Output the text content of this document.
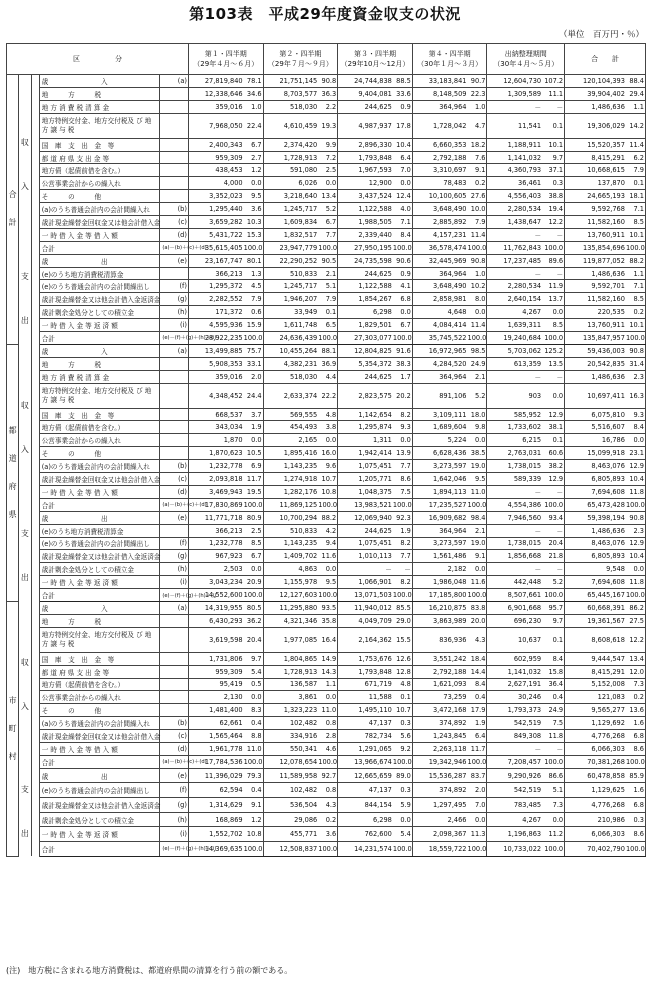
第103表　平成29年度資金収支の状況
（単位　百万円・％）
区　　　　　分					第１・四半期
（29年４月～６月）		第２・四半期
（29年７月～９月）		第３・四半期
（29年10月～12月）		第４・四半期
（30年１月～３月）		出納整理期間
（30年４月～５月）		合　　計	

合計	収入		歳　　　　　　　　入	(a)	27,819,840	78.1	21,751,145	90.8	24,744,838	88.5	33,183,841	90.7	12,604,730	107.2	120,104,393	88.4
			地　　　方　　　税		12,338,646	34.6	8,703,577	36.3	9,404,081	33.6	8,148,509	22.3	1,309,589	11.1	39,904,402	29.4
			地 方 消 費 税 清 算 金		359,016	1.0	518,030	2.2	244,625	0.9	364,964	1.0	－	－	1,486,636	1.1
			地方特例交付金、地方交付税及 び 地 方 譲 与 税		7,968,050	22.4	4,610,459	19.3	4,987,937	17.8	1,728,042	4.7	11,541	0.1	19,306,029	14.2
			国　庫　支　出　金　等		2,400,343	6.7	2,374,420	9.9	2,896,330	10.4	6,660,353	18.2	1,188,911	10.1	15,520,357	11.4
			都 道 府 県 支 出 金 等		959,309	2.7	1,728,913	7.2	1,793,848	6.4	2,792,188	7.6	1,141,032	9.7	8,415,291	6.2
			地方債（起債前借を含む。）		438,453	1.2	591,080	2.5	1,967,593	7.0	3,310,697	9.1	4,360,793	37.1	10,668,615	7.9
			公営事業会計からの繰入れ		4,000	0.0	6,026	0.0	12,900	0.0	78,483	0.2	36,461	0.3	137,870	0.1
			そ　　　の　　　他		3,352,023	9.5	3,218,640	13.4	3,437,524	12.4	10,100,605	27.6	4,556,403	38.8	24,665,193	18.1
			(a)のうち普通会計内の会計間繰入れ	(b)	1,295,440	3.6	1,245,717	5.2	1,122,588	4.0	3,648,490	10.0	2,280,534	19.4	9,592,768	7.1
			歳計現金繰替金回収金又は他会計借入金	(c)	3,659,282	10.3	1,609,834	6.7	1,988,505	7.1	2,885,892	7.9	1,438,647	12.2	11,582,160	8.5
			一 時 借 入 金 等 借 入 額	(d)	5,431,722	15.3	1,832,517	7.7	2,339,440	8.4	4,157,231	11.4	－	－	13,760,911	10.1
			合計	(a)－(b)＋(c)＋(d)	35,615,405	100.0	23,947,779	100.0	27,950,195	100.0	36,578,474	100.0	11,762,843	100.0	135,854,696	100.0

	支出		歳　　　　　　　　出	(e)	23,167,747	80.1	22,290,252	90.5	24,735,598	90.6	32,445,969	90.8	17,237,485	89.6	119,877,052	88.2
			(e)のうち地方消費税清算金		366,213	1.3	510,833	2.1	244,625	0.9	364,964	1.0	－	－	1,486,636	1.1
			(e)のうち普通会計内の会計間繰出し	(f)	1,295,372	4.5	1,245,717	5.1	1,122,588	4.1	3,648,490	10.2	2,280,534	11.9	9,592,701	7.1
			歳計現金繰替金又は他会計借入金返済金	(g)	2,282,552	7.9	1,946,207	7.9	1,854,267	6.8	2,858,981	8.0	2,640,154	13.7	11,582,160	8.5
			歳計剰余金処分としての積立金	(h)	171,372	0.6	33,949	0.1	6,298	0.0	4,648	0.0	4,267	0.0	220,535	0.2
			一 時 借 入 金 等 返 済 額	(i)	4,595,936	15.9	1,611,748	6.5	1,829,501	6.7	4,084,414	11.4	1,639,311	8.5	13,760,911	10.1
			合計	(e)－(f)＋(g)＋(h)＋(i)	28,922,235	100.0	24,636,439	100.0	27,303,077	100.0	35,745,522	100.0	19,240,684	100.0	135,847,957	100.0

都道府県	収入		歳　　　　　　　　入	(a)	13,499,885	75.7	10,455,264	88.1	12,804,825	91.6	16,972,965	98.5	5,703,062	125.2	59,436,003	90.8
			地　　　方　　　税		5,908,353	33.1	4,382,231	36.9	5,354,372	38.3	4,284,520	24.9	613,359	13.5	20,542,835	31.4
			地 方 消 費 税 清 算 金		359,016	2.0	518,030	4.4	244,625	1.7	364,964	2.1	－	－	1,486,636	2.3
			地方特例交付金、地方交付税及 び 地 方 譲 与 税		4,348,452	24.4	2,633,374	22.2	2,823,575	20.2	891,106	5.2	903	0.0	10,697,411	16.3
			国　庫　支　出　金　等		668,537	3.7	569,555	4.8	1,142,654	8.2	3,109,111	18.0	585,952	12.9	6,075,810	9.3
			地方債（起債前借を含む。）		343,034	1.9	454,493	3.8	1,295,874	9.3	1,689,604	9.8	1,733,602	38.1	5,516,607	8.4
			公営事業会計からの繰入れ		1,870	0.0	2,165	0.0	1,311	0.0	5,224	0.0	6,215	0.1	16,786	0.0
			そ　　　の　　　他		1,870,623	10.5	1,895,416	16.0	1,942,414	13.9	6,628,436	38.5	2,763,031	60.6	15,099,918	23.1
			(a)のうち普通会計内の会計間繰入れ	(b)	1,232,778	6.9	1,143,235	9.6	1,075,451	7.7	3,273,597	19.0	1,738,015	38.2	8,463,076	12.9
			歳計現金繰替金回収金又は他会計借入金	(c)	2,093,818	11.7	1,274,918	10.7	1,205,771	8.6	1,642,046	9.5	589,339	12.9	6,805,893	10.4
			一 時 借 入 金 等 借 入 額	(d)	3,469,943	19.5	1,282,176	10.8	1,048,375	7.5	1,894,113	11.0	－	－	7,694,608	11.8
			合計	(a)－(b)＋(c)＋(d)	17,830,869	100.0	11,869,125	100.0	13,983,521	100.0	17,235,527	100.0	4,554,386	100.0	65,473,428	100.0

	支出		歳　　　　　　　　出	(e)	11,771,718	80.9	10,700,294	88.2	12,069,940	92.3	16,909,682	98.4	7,946,560	93.4	59,398,194	90.8
			(e)のうち地方消費税清算金		366,213	2.5	510,833	4.2	244,625	1.9	364,964	2.1	－	－	1,486,636	2.3
			(e)のうち普通会計内の会計間繰出し	(f)	1,232,778	8.5	1,143,235	9.4	1,075,451	8.2	3,273,597	19.0	1,738,015	20.4	8,463,076	12.9
			歳計現金繰替金又は他会計借入金返済金	(g)	967,923	6.7	1,409,702	11.6	1,010,113	7.7	1,561,486	9.1	1,856,668	21.8	6,805,893	10.4
			歳計剰余金処分としての積立金	(h)	2,503	0.0	4,863	0.0	－	－	2,182	0.0	－	－	9,548	0.0
			一 時 借 入 金 等 返 済 額	(i)	3,043,234	20.9	1,155,978	9.5	1,066,901	8.2	1,986,048	11.6	442,448	5.2	7,694,608	11.8
			合計	(e)－(f)＋(g)＋(h)＋(i)	14,552,600	100.0	12,127,603	100.0	13,071,503	100.0	17,185,800	100.0	8,507,661	100.0	65,445,167	100.0

市町村	収入		歳　　　　　　　　入	(a)	14,319,955	80.5	11,295,880	93.5	11,940,012	85.5	16,210,875	83.8	6,901,668	95.7	60,668,391	86.2
			地　　　方　　　税		6,430,293	36.2	4,321,346	35.8	4,049,709	29.0	3,863,989	20.0	696,230	9.7	19,361,567	27.5
			地方特例交付金、地方交付税及 び 地 方 譲 与 税		3,619,598	20.4	1,977,085	16.4	2,164,362	15.5	836,936	4.3	10,637	0.1	8,608,618	12.2
			国　庫　支　出　金　等		1,731,806	9.7	1,804,865	14.9	1,753,676	12.6	3,551,242	18.4	602,959	8.4	9,444,547	13.4
			都 道 府 県 支 出 金 等		959,309	5.4	1,728,913	14.3	1,793,848	12.8	2,792,188	14.4	1,141,032	15.8	8,415,291	12.0
			地方債（起債前借を含む。）		95,419	0.5	136,587	1.1	671,719	4.8	1,621,093	8.4	2,627,191	36.4	5,152,008	7.3
			公営事業会計からの繰入れ		2,130	0.0	3,861	0.0	11,588	0.1	73,259	0.4	30,246	0.4	121,083	0.2
			そ　　　の　　　他		1,481,400	8.3	1,323,223	11.0	1,495,110	10.7	3,472,168	17.9	1,793,373	24.9	9,565,277	13.6
			(a)のうち普通会計内の会計間繰入れ	(b)	62,661	0.4	102,482	0.8	47,137	0.3	374,892	1.9	542,519	7.5	1,129,692	1.6
			歳計現金繰替金回収金又は他会計借入金	(c)	1,565,464	8.8	334,916	2.8	782,734	5.6	1,243,845	6.4	849,308	11.8	4,776,268	6.8
			一 時 借 入 金 等 借 入 額	(d)	1,961,778	11.0	550,341	4.6	1,291,065	9.2	2,263,118	11.7	－	－	6,066,303	8.6
			合計	(a)－(b)＋(c)＋(d)	17,784,536	100.0	12,078,654	100.0	13,966,674	100.0	19,342,946	100.0	7,208,457	100.0	70,381,268	100.0

	支出		歳　　　　　　　　出	(e)	11,396,029	79.3	11,589,958	92.7	12,665,659	89.0	15,536,287	83.7	9,290,926	86.6	60,478,858	85.9
			(e)のうち普通会計内の会計間繰出し	(f)	62,594	0.4	102,482	0.8	47,137	0.3	374,892	2.0	542,519	5.1	1,129,625	1.6
			歳計現金繰替金又は他会計借入金返済金	(g)	1,314,629	9.1	536,504	4.3	844,154	5.9	1,297,495	7.0	783,485	7.3	4,776,268	6.8
			歳計剰余金処分としての積立金	(h)	168,869	1.2	29,086	0.2	6,298	0.0	2,466	0.0	4,267	0.0	210,986	0.3
			一 時 借 入 金 等 返 済 額	(i)	1,552,702	10.8	455,771	3.6	762,600	5.4	2,098,367	11.3	1,196,863	11.2	6,066,303	8.6
			合計	(e)－(f)＋(g)＋(h)＋(i)	14,369,635	100.0	12,508,837	100.0	14,231,574	100.0	18,559,722	100.0	10,733,022	100.0	70,402,790	100.0
(注)　地方税に含まれる地方消費税は、都道府県間の清算を行う前の額である。
